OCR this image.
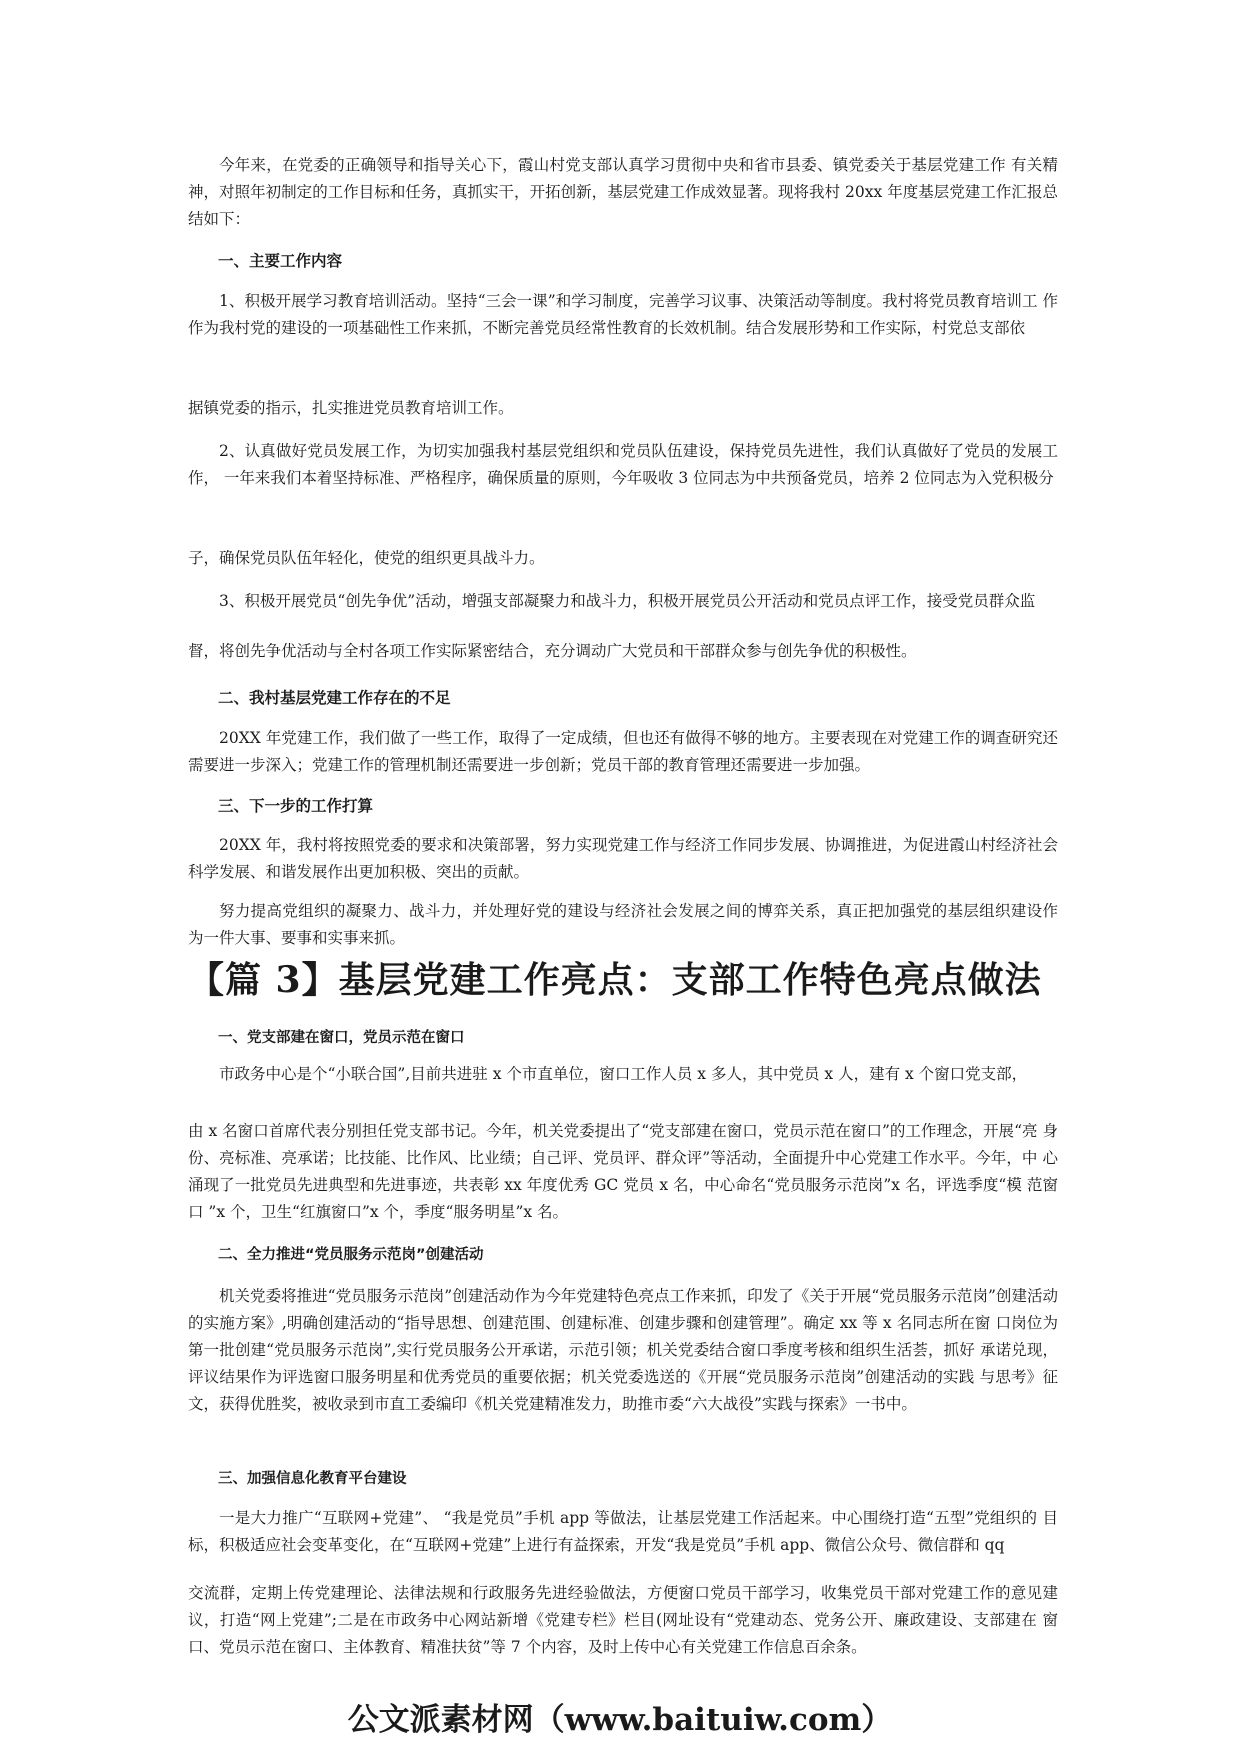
今年来，在党委的正确领导和指导关心下，霞山村党支部认真学习贯彻中央和省市县委、镇党委关于基层党建工作 有关精 神，对照年初制定的工作目标和任务，真抓实干，开拓创新，基层党建工作成效显著。现将我村 20xx 年度基层党建工作汇报总 结如下：

一、主要工作内容

1、积极开展学习教育培训活动。坚持“三会一课”和学习制度，完善学习议事、决策活动等制度。我村将党员教育培训工 作作为我村党的建设的一项基础性工作来抓，不断完善党员经常性教育的长效机制。结合发展形势和工作实际，村党总支部依

据镇党委的指示，扎实推进党员教育培训工作。

2、认真做好党员发展工作，为切实加强我村基层党组织和党员队伍建设，保持党员先进性，我们认真做好了党员的发展工 作， 一年来我们本着坚持标准、严格程序，确保质量的原则，今年吸收 3 位同志为中共预备党员，培养 2 位同志为入党积极分

子，确保党员队伍年轻化，使党的组织更具战斗力。

3、积极开展党员“创先争优”活动，增强支部凝聚力和战斗力，积极开展党员公开活动和党员点评工作，接受党员群众监

督，将创先争优活动与全村各项工作实际紧密结合，充分调动广大党员和干部群众参与创先争优的积极性。

二、我村基层党建工作存在的不足

20XX 年党建工作，我们做了一些工作，取得了一定成绩，但也还有做得不够的地方。主要表现在对党建工作的调查研究还 需要进一步深入；党建工作的管理机制还需要进一步创新；党员干部的教育管理还需要进一步加强。

三、下一步的工作打算

20XX 年，我村将按照党委的要求和决策部署，努力实现党建工作与经济工作同步发展、协调推进，为促进霞山村经济社会 科学发展、和谐发展作出更加积极、突出的贡献。

努力提高党组织的凝聚力、战斗力，并处理好党的建设与经济社会发展之间的博弈关系，真正把加强党的基层组织建设作 为一件大事、要事和实事来抓。

【篇 3】基层党建工作亮点：支部工作特色亮点做法

一、党支部建在窗口，党员示范在窗口

市政务中心是个“小联合国”,目前共进驻 x 个市直单位，窗口工作人员 x 多人，其中党员 x 人，建有 x 个窗口党支部，

由 x 名窗口首席代表分别担任党支部书记。今年，机关党委提出了“党支部建在窗口，党员示范在窗口”的工作理念，开展“亮 身份、亮标准、亮承诺；比技能、比作风、比业绩；自己评、党员评、群众评”等活动，全面提升中心党建工作水平。今年，中 心涌现了一批党员先进典型和先进事迹，共表彰 xx 年度优秀 GC 党员 x 名，中心命名“党员服务示范岗”x 名，评选季度“模 范窗口 ”x 个，卫生“红旗窗口”x 个，季度“服务明星”x 名。

二、全力推进“党员服务示范岗”创建活动

机关党委将推进“党员服务示范岗”创建活动作为今年党建特色亮点工作来抓，印发了《关于开展“党员服务示范岗”创建活动的实施方案》,明确创建活动的“指导思想、创建范围、创建标准、创建步骤和创建管理”。确定 xx 等 x 名同志所在窗 口岗位为第一批创建“党员服务示范岗”,实行党员服务公开承诺，示范引领；机关党委结合窗口季度考核和组织生活荟，抓好 承诺兑现，评议结果作为评选窗口服务明星和优秀党员的重要依据；机关党委选送的《开展“党员服务示范岗”创建活动的实践 与思考》征文，获得优胜奖，被收录到市直工委编印《机关党建精准发力，助推市委“六大战役”实践与探索》一书中。

三、加强信息化教育平台建设

一是大力推广“互联网+党建”、 “我是党员”手机 app 等做法，让基层党建工作活起来。中心围绕打造“五型”党组织的 目标，积极适应社会变革变化，在“互联网+党建”上进行有益探索，开发“我是党员”手机 app、微信公众号、微信群和 qq

交流群，定期上传党建理论、法律法规和行政服务先进经验做法，方便窗口党员干部学习，收集党员干部对党建工作的意见建 议，打造“网上党建”;二是在市政务中心网站新增《党建专栏》栏目(网址设有“党建动态、党务公开、廉政建设、支部建在 窗口、党员示范在窗口、主体教育、精准扶贫”等 7 个内容，及时上传中心有关党建工作信息百余条。

公文派素材网（www.baituiw.com）
